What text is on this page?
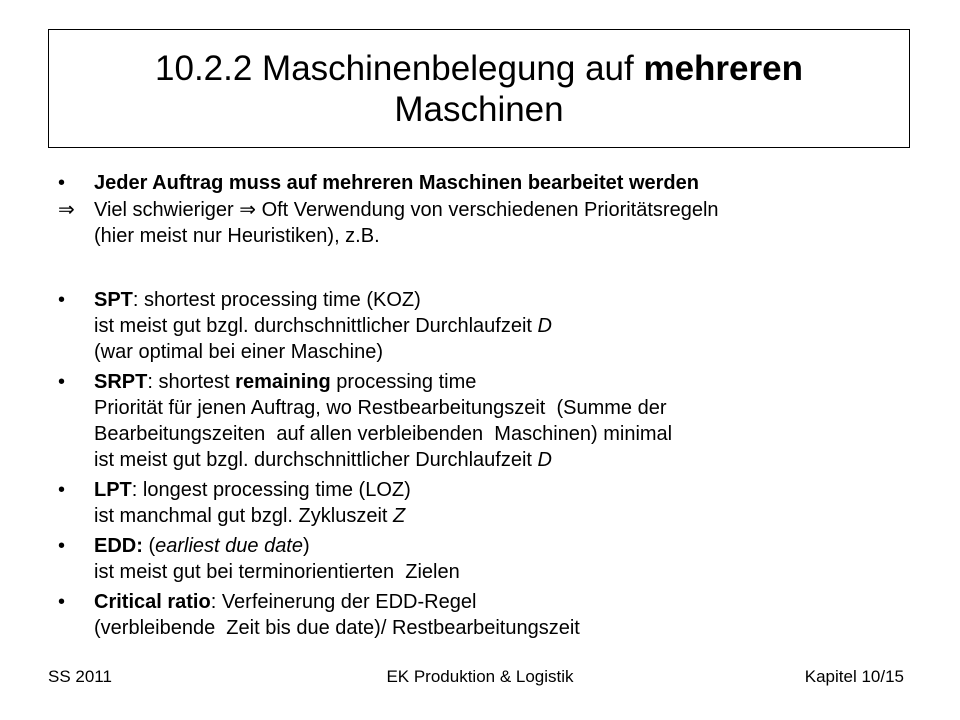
10.2.2 Maschinenbelegung auf mehreren
Maschinen
•	Jeder Auftrag muss auf mehreren Maschinen bearbeitet werden
⇒ Viel schwieriger ⇒ Oft Verwendung von verschiedenen Prioritätsregeln
(hier meist nur Heuristiken), z.B.
•	SPT: shortest processing time (KOZ)
ist meist gut bzgl. durchschnittlicher Durchlaufzeit D
(war optimal bei einer Maschine)
•	SRPT: shortest remaining processing time
Priorität für jenen Auftrag, wo Restbearbeitungszeit  (Summe der
Bearbeitungszeiten  auf allen verbleibenden  Maschinen) minimal
ist meist gut bzgl. durchschnittlicher Durchlaufzeit D
•	LPT: longest processing time (LOZ)
ist manchmal gut bzgl. Zykluszeit Z
•	EDD: (earliest due date)
ist meist gut bei terminorientierten  Zielen
•	Critical ratio: Verfeinerung der EDD-Regel
(verbleibende  Zeit bis due date)/ Restbearbeitungszeit
SS 2011	EK Produktion & Logistik	Kapitel 10/15
